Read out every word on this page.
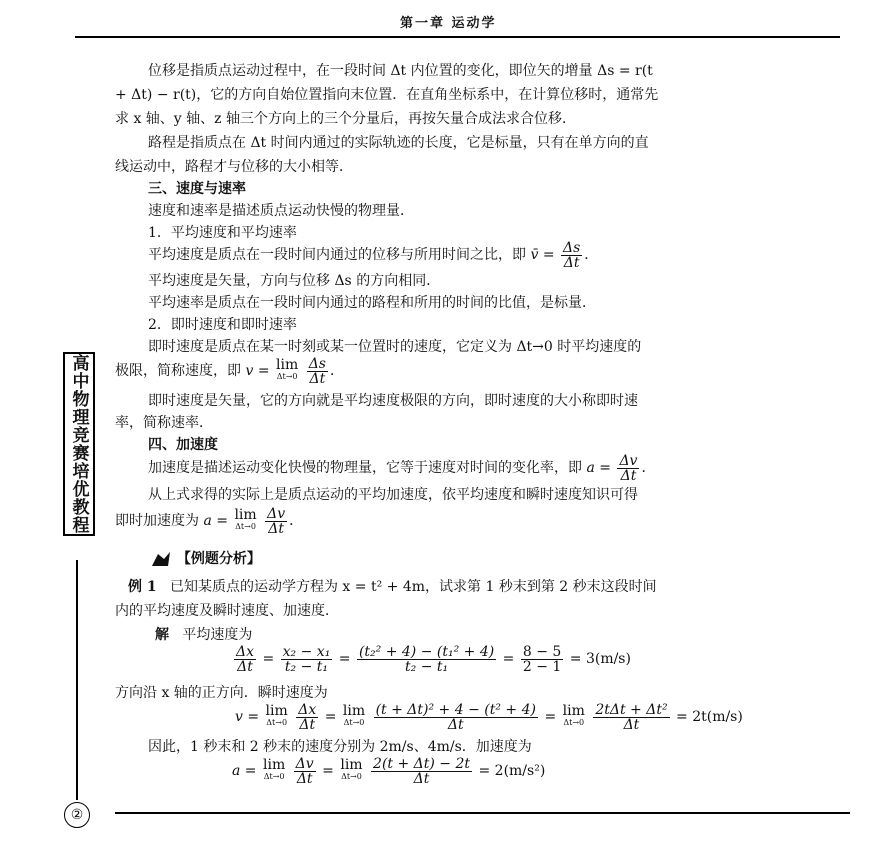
第一章 运动学
高中物理竞赛培优教程
位移是指质点运动过程中，在一段时间 Δt 内位置的变化，即位矢的增量 Δs = r(t
+ Δt) − r(t)，它的方向自始位置指向末位置．在直角坐标系中，在计算位移时，通常先
求 x 轴、y 轴、z 轴三个方向上的三个分量后，再按矢量合成法求合位移．
路程是指质点在 Δt 时间内通过的实际轨迹的长度，它是标量，只有在单方向的直
线运动中，路程才与位移的大小相等．
三、速度与速率
速度和速率是描述质点运动快慢的物理量．
1．平均速度和平均速率
平均速度是质点在一段时间内通过的位移与所用时间之比，即 v̄ = $\frac{\Delta s}{\Delta t}$ ．
平均速度是矢量，方向与位移 Δs 的方向相同．
平均速率是质点在一段时间内通过的路程和所用的时间的比值，是标量．
2．即时速度和即时速率
即时速度是质点在某一时刻或某一位置时的速度，它定义为 Δt→0 时平均速度的
极限，简称速度，即 v = lim
Δt→0
$\frac{\Delta s}{\Delta t}$ ．
即时速度是矢量，它的方向就是平均速度极限的方向，即时速度的大小称即时速
率，简称速率．
四、加速度
加速度是描述运动变化快慢的物理量，它等于速度对时间的变化率，即 $a = \frac{\Delta v}{\Delta t}$ ．
从上式求得的实际上是质点运动的平均加速度，依平均速度和瞬时速度知识可得
即时加速度为 a = lim
Δt→0
$\frac{\Delta v}{\Delta t}$ ．
【例题分析】
例 1 已知某质点的运动学方程为 x = t² + 4m，试求第 1 秒末到第 2 秒末这段时间
内的平均速度及瞬时速度、加速度．
解 平均速度为
$\frac{\Delta x}{\Delta t} = \frac{\text{x₂ − x₁}}{\text{t₂ − t₁}} = \frac{\text{(t₂² + 4) − (t₁² + 4)}}{\text{t₂ − t₁}} = \frac{8 - 5}{2 - 1} = 3(m/s)$
方向沿 x 轴的正方向．瞬时速度为
v = lim
Δt→0
$\frac{\Delta x}{\Delta t} = \lim$
Δt→0
$\frac{\text{(t + Δt)² + 4 − (t² + 4)}}{\Delta t} = \lim$
Δt→0
$\frac{\text{2tΔt + Δt²}}{\Delta t} = 2t(m/s)$
因此，1 秒末和 2 秒末的速度分别为 2m/s、4m/s．加速度为
a = lim
Δt→0
$\frac{\Delta v}{\Delta t} = \lim$
Δt→0
$\frac{2(t + \Delta t) - 2t}{\Delta t} = 2(m/s^2)$
②
